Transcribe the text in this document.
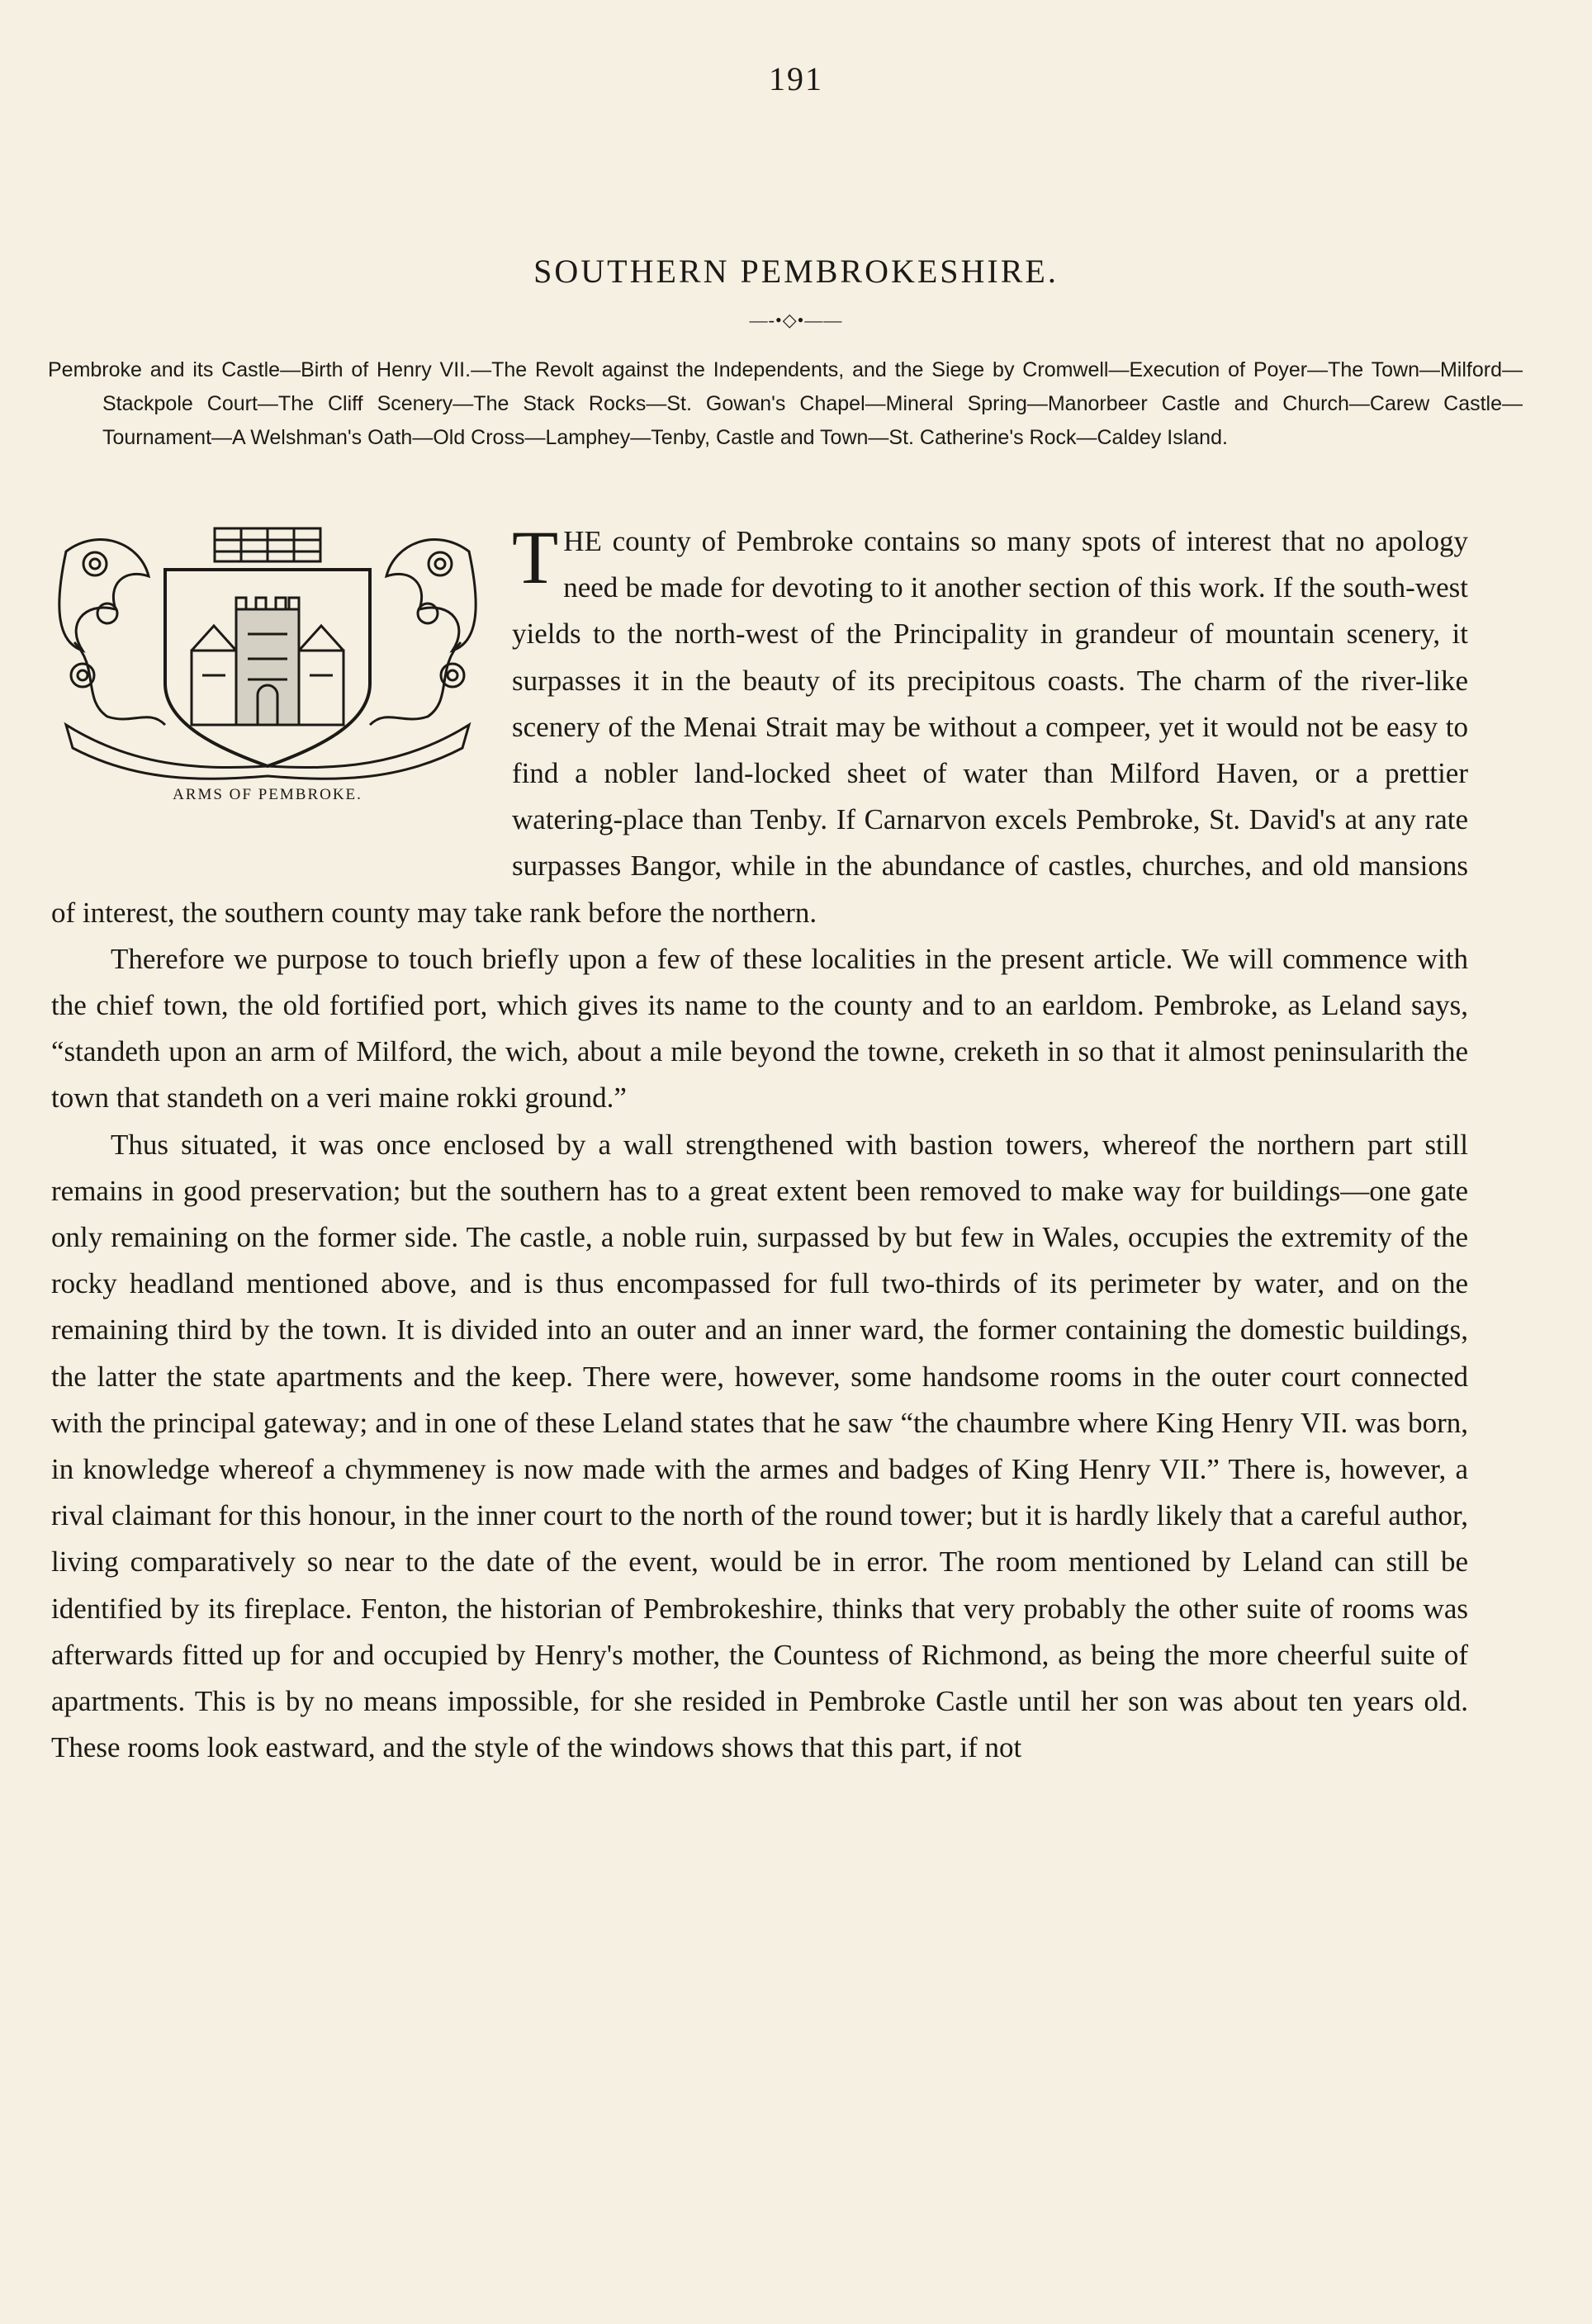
191
SOUTHERN PEMBROKESHIRE.
—-•◇•——
Pembroke and its Castle—Birth of Henry VII.—The Revolt against the Independents, and the Siege by Cromwell—Execution of Poyer—The Town—Milford—Stackpole Court—The Cliff Scenery—The Stack Rocks—St. Gowan's Chapel—Mineral Spring—Manorbeer Castle and Church—Carew Castle—Tournament—A Welshman's Oath—Old Cross—Lamphey—Tenby, Castle and Town—St. Catherine's Rock—Caldey Island.
ARMS OF PEMBROKE.

THE county of Pembroke contains so many spots of interest that no apology need be made for devoting to it another section of this work. If the south-west yields to the north-west of the Principality in grandeur of mountain scenery, it surpasses it in the beauty of its precipitous coasts. The charm of the river-like scenery of the Menai Strait may be without a compeer, yet it would not be easy to find a nobler land-locked sheet of water than Milford Haven, or a prettier watering-place than Tenby. If Carnarvon excels Pembroke, St. David's at any rate surpasses Bangor, while in the abundance of castles, churches, and old mansions of interest, the southern county may take rank before the northern.

Therefore we purpose to touch briefly upon a few of these localities in the present article. We will commence with the chief town, the old fortified port, which gives its name to the county and to an earldom. Pembroke, as Leland says, “standeth upon an arm of Milford, the wich, about a mile beyond the towne, creketh in so that it almost peninsularith the town that standeth on a veri maine rokki ground.”

Thus situated, it was once enclosed by a wall strengthened with bastion towers, whereof the northern part still remains in good preservation; but the southern has to a great extent been removed to make way for buildings—one gate only remaining on the former side. The castle, a noble ruin, surpassed by but few in Wales, occupies the extremity of the rocky headland mentioned above, and is thus encompassed for full two-thirds of its perimeter by water, and on the remaining third by the town. It is divided into an outer and an inner ward, the former containing the domestic buildings, the latter the state apartments and the keep. There were, however, some handsome rooms in the outer court connected with the principal gateway; and in one of these Leland states that he saw “the chaumbre where King Henry VII. was born, in knowledge whereof a chymmeney is now made with the armes and badges of King Henry VII.” There is, however, a rival claimant for this honour, in the inner court to the north of the round tower; but it is hardly likely that a careful author, living comparatively so near to the date of the event, would be in error. The room mentioned by Leland can still be identified by its fireplace. Fenton, the historian of Pembrokeshire, thinks that very probably the other suite of rooms was afterwards fitted up for and occupied by Henry's mother, the Countess of Richmond, as being the more cheerful suite of apartments. This is by no means impossible, for she resided in Pembroke Castle until her son was about ten years old. These rooms look eastward, and the style of the windows shows that this part, if not
